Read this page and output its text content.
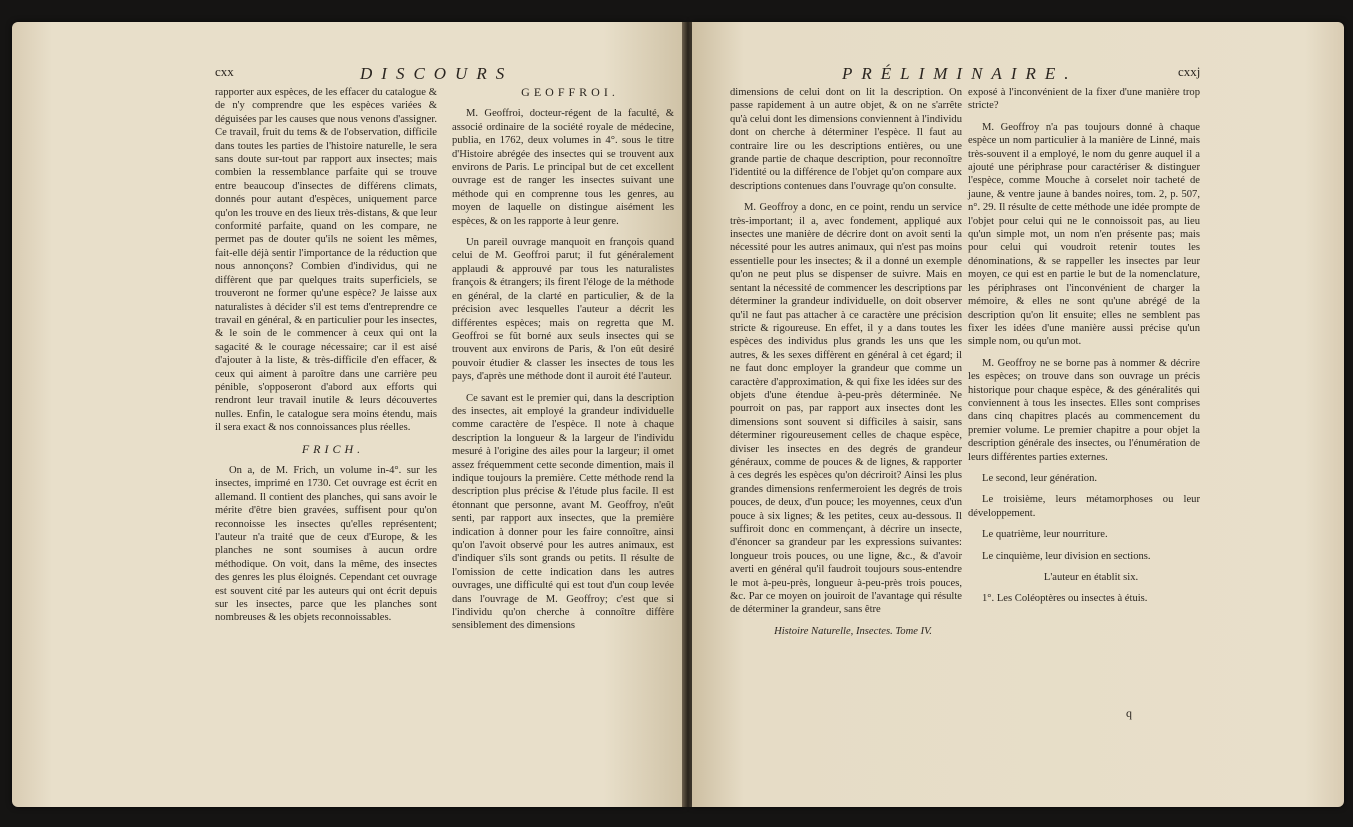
cxx	DISCOURS

rapporter aux espèces, de les effacer du catalogue & de n'y comprendre que les espèces variées & déguisées par les causes que nous venons d'assigner. Ce travail, fruit du tems & de l'observation, difficile dans toutes les parties de l'histoire naturelle, le sera sans doute sur-tout par rapport aux insectes; mais combien la ressemblance parfaite qui se trouve entre beaucoup d'insectes de différens climats, donnés pour autant d'espèces, uniquement parce qu'on les trouve en des lieux très-distans, & que leur conformité parfaite, quand on les compare, ne permet pas de douter qu'ils ne soient les mêmes, fait-elle déjà sentir l'importance de la réduction que nous annonçons? Combien d'individus, qui ne diffèrent que par quelques traits superficiels, se trouveront ne former qu'une espèce? Je laisse aux naturalistes à décider s'il est tems d'entreprendre ce travail en général, & en particulier pour les insectes, & le soin de le commencer à ceux qui ont la sagacité & le courage nécessaire; car il est aisé d'ajouter à la liste, & très-difficile d'en effacer, & ceux qui aiment à paroître dans une carrière peu pénible, s'opposeront d'abord aux efforts qui rendront leur travail inutile & leurs découvertes nulles. Enfin, le catalogue sera moins étendu, mais il sera exact & nos connoissances plus réelles.

FRICH.

On a, de M. Frich, un volume in-4°. sur les insectes, imprimé en 1730. Cet ouvrage est écrit en allemand. Il contient des planches, qui sans avoir le mérite d'être bien gravées, suffisent pour qu'on reconnoisse les insectes qu'elles représentent; l'auteur n'a traité que de ceux d'Europe, & les planches ne sont soumises à aucun ordre méthodique. On voit, dans la même, des insectes des genres les plus éloignés. Cependant cet ouvrage est souvent cité par les auteurs qui ont écrit depuis sur les insectes, parce que les planches sont nombreuses & les objets reconnoissables.

GEOFFROI.

M. Geoffroi, docteur-régent de la faculté, & associé ordinaire de la société royale de médecine, publia, en 1762, deux volumes in 4°. sous le titre d'Histoire abrégée des insectes qui se trouvent aux environs de Paris. Le principal but de cet excellent ouvrage est de ranger les insectes suivant une méthode qui en comprenne tous les genres, au moyen de laquelle on distingue aisément les espèces, & on les rapporte à leur genre.

Un pareil ouvrage manquoit en françois quand celui de M. Geoffroi parut; il fut généralement applaudi & approuvé par tous les naturalistes françois & étrangers; ils firent l'éloge de la méthode en général, de la clarté en particulier, & de la précision avec lesquelles l'auteur a décrit les différentes espèces; mais on regretta que M. Geoffroi se fût borné aux seuls insectes qui se trouvent aux environs de Paris, & l'on eût desiré pouvoir étudier & classer les insectes de tous les pays, d'après une méthode dont il auroit été l'auteur.

Ce savant est le premier qui, dans la description des insectes, ait employé la grandeur individuelle comme caractère de l'espèce. Il note à chaque description la longueur & la largeur de l'individu mesuré à l'origine des ailes pour la largeur; il omet assez fréquemment cette seconde dimention, mais il indique toujours la première. Cette méthode rend la description plus précise & l'étude plus facile. Il est étonnant que personne, avant M. Geoffroy, n'eût senti, par rapport aux insectes, que la première indication à donner pour les faire connoître, ainsi qu'on l'avoit observé pour les autres animaux, est d'indiquer s'ils sont grands ou petits. Il résulte de l'omission de cette indication dans les autres ouvrages, une difficulté qui est tout d'un coup levée dans l'ouvrage de M. Geoffroy; c'est que si l'individu qu'on cherche à connoître diffère sensiblement des dimensions

PRÉLIMINAIRE.	cxxj

dimensions de celui dont on lit la description. On passe rapidement à un autre objet, & on ne s'arrête qu'à celui dont les dimensions conviennent à l'individu dont on cherche à déterminer l'espèce. Il faut au contraire lire ou les descriptions entières, ou une grande partie de chaque description, pour reconnoître l'identité ou la différence de l'objet qu'on compare aux descriptions contenues dans l'ouvrage qu'on consulte.

M. Geoffroy a donc, en ce point, rendu un service très-important; il a, avec fondement, appliqué aux insectes une manière de décrire dont on avoit senti la nécessité pour les autres animaux, qui n'est pas moins essentielle pour les insectes; & il a donné un exemple qu'on ne peut plus se dispenser de suivre. Mais en sentant la nécessité de commencer les descriptions par déterminer la grandeur individuelle, on doit observer qu'il ne faut pas attacher à ce caractère une précision stricte & rigoureuse. En effet, il y a dans toutes les espèces des individus plus grands les uns que les autres, & les sexes diffèrent en général à cet égard; il ne faut donc employer la grandeur que comme un caractère d'approximation, & qui fixe les idées sur des objets d'une étendue à-peu-près déterminée. Ne pourroit on pas, par rapport aux insectes dont les dimensions sont souvent si difficiles à saisir, sans déterminer rigoureusement celles de chaque espèce, diviser les insectes en des degrés de grandeur généraux, comme de pouces & de lignes, & rapporter à ces degrés les espèces qu'on décriroit? Ainsi les plus grandes dimensions renfermeroient les degrés de trois pouces, de deux, d'un pouce; les moyennes, ceux d'un pouce à six lignes; & les petites, ceux au-dessous. Il suffiroit donc en commençant, à décrire un insecte, d'énoncer sa grandeur par les expressions suivantes: longueur trois pouces, ou une ligne, &c., & d'avoir averti en général qu'il faudroit toujours sous-entendre le mot à-peu-près, longueur à-peu-près trois pouces, &c. Par ce moyen on jouiroit de l'avantage qui résulte de déterminer la grandeur, sans être

Histoire Naturelle, Insectes. Tome IV.

exposé à l'inconvénient de la fixer d'une manière trop stricte?

M. Geoffroy n'a pas toujours donné à chaque espèce un nom particulier à la manière de Linné, mais très-souvent il a employé, le nom du genre auquel il a ajouté une périphrase pour caractériser & distinguer l'espèce, comme Mouche à corselet noir tacheté de jaune, & ventre jaune à bandes noires, tom. 2, p. 507, n°. 29. Il résulte de cette méthode une idée prompte de l'objet pour celui qui ne le connoissoit pas, au lieu qu'un simple mot, un nom n'en présente pas; mais pour celui qui voudroit retenir toutes les dénominations, & se rappeller les insectes par leur moyen, ce qui est en partie le but de la nomenclature, les périphrases ont l'inconvénient de charger la mémoire, & elles ne sont qu'une abrégé de la description qu'on lit ensuite; elles ne semblent pas fixer les idées d'une manière aussi précise qu'un simple nom, ou qu'un mot.

M. Geoffroy ne se borne pas à nommer & décrire les espèces; on trouve dans son ouvrage un précis historique pour chaque espèce, & des généralités qui conviennent à tous les insectes. Elles sont comprises dans cinq chapitres placés au commencement du premier volume. Le premier chapitre a pour objet la description générale des insectes, ou l'énumération de leurs différentes parties externes.

Le second, leur génération.

Le troisième, leurs métamorphoses ou leur développement.

Le quatrième, leur nourriture.

Le cinquième, leur division en sections.

L'auteur en établit six.

1°. Les Coléoptères ou insectes à étuis.

q
